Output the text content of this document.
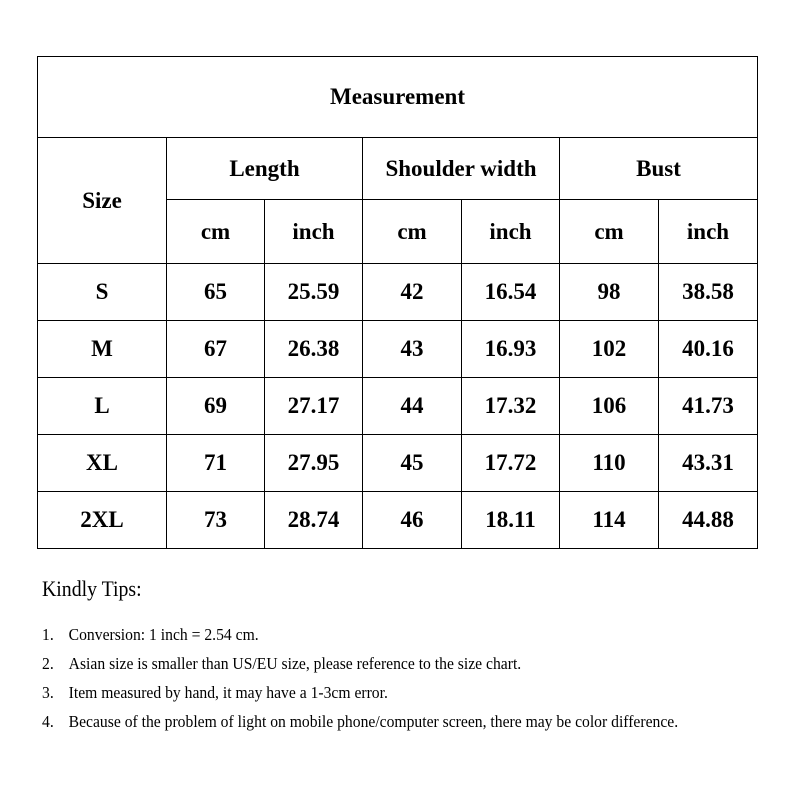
Measurement						
Size	Length		Shoulder width		Bust	
	cm	inch	cm	inch	cm	inch
S	65	25.59	42	16.54	98	38.58
M	67	26.38	43	16.93	102	40.16
L	69	27.17	44	17.32	106	41.73
XL	71	27.95	45	17.72	110	43.31
2XL	73	28.74	46	18.11	114	44.88
Kindly Tips:
1. Conversion: 1 inch = 2.54 cm.
2. Asian size is smaller than US/EU size, please reference to the size chart.
3. Item measured by hand, it may have a 1-3cm error.
4. Because of the problem of light on mobile phone/computer screen, there may be color difference.
